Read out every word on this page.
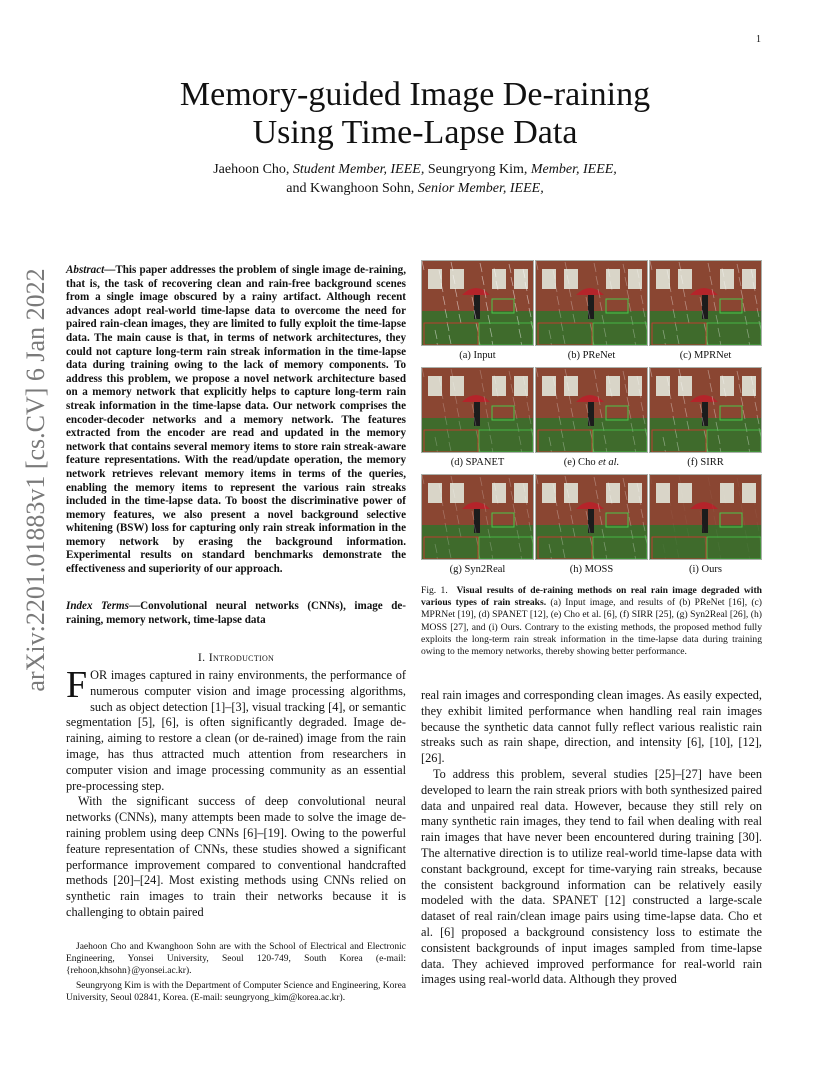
1
arXiv:2201.01883v1 [cs.CV] 6 Jan 2022
Memory-guided Image De-raining
Using Time-Lapse Data
Jaehoon Cho, Student Member, IEEE, Seungryong Kim, Member, IEEE,
and Kwanghoon Sohn, Senior Member, IEEE,
Abstract—This paper addresses the problem of single image de-raining, that is, the task of recovering clean and rain-free background scenes from a single image obscured by a rainy artifact. Although recent advances adopt real-world time-lapse data to overcome the need for paired rain-clean images, they are limited to fully exploit the time-lapse data. The main cause is that, in terms of network architectures, they could not capture long-term rain streak information in the time-lapse data during training owing to the lack of memory components. To address this problem, we propose a novel network architecture based on a memory network that explicitly helps to capture long-term rain streak information in the time-lapse data. Our network comprises the encoder-decoder networks and a memory network. The features extracted from the encoder are read and updated in the memory network that contains several memory items to store rain streak-aware feature representations. With the read/update operation, the memory network retrieves relevant memory items in terms of the queries, enabling the memory items to represent the various rain streaks included in the time-lapse data. To boost the discriminative power of memory features, we also present a novel background selective whitening (BSW) loss for capturing only rain streak information in the memory network by erasing the background information. Experimental results on standard benchmarks demonstrate the effectiveness and superiority of our approach.
Index Terms—Convolutional neural networks (CNNs), image de-raining, memory network, time-lapse data
I. Introduction

FOR images captured in rainy environments, the performance of numerous computer vision and image processing algorithms, such as object detection [1]–[3], visual tracking [4], or semantic segmentation [5], [6], is often significantly degraded. Image de-raining, aiming to restore a clean (or de-rained) image from the rain image, has thus attracted much attention from researchers in computer vision and image processing community as an essential pre-processing step.

With the significant success of deep convolutional neural networks (CNNs), many attempts been made to solve the image de-raining problem using deep CNNs [6]–[19]. Owing to the powerful feature representation of CNNs, these studies showed a significant performance improvement compared to conventional handcrafted methods [20]–[24]. Most existing methods using CNNs relied on synthetic rain images to train their networks because it is challenging to obtain paired

Jaehoon Cho and Kwanghoon Sohn are with the School of Electrical and Electronic Engineering, Yonsei University, Seoul 120-749, South Korea (e-mail: {rehoon,khsohn}@yonsei.ac.kr).

Seungryong Kim is with the Department of Computer Science and Engineering, Korea University, Seoul 02841, Korea. (E-mail: seungryong_kim@korea.ac.kr).

(a) Input	(b) PReNet	(c) MPRNet
(d) SPANET	(e) Cho et al.	(f) SIRR
(g) Syn2Real	(h) MOSS	(i) Ours
Fig. 1. Visual results of de-raining methods on real rain image degraded with various types of rain streaks. (a) Input image, and results of (b) PReNet [16], (c) MPRNet [19], (d) SPANET [12], (e) Cho et al. [6], (f) SIRR [25], (g) Syn2Real [26], (h) MOSS [27], and (i) Ours. Contrary to the existing methods, the proposed method fully exploits the long-term rain streak information in the time-lapse data during training owing to the memory networks, thereby showing better performance.

real rain images and corresponding clean images. As easily expected, they exhibit limited performance when handling real rain images because the synthetic data cannot fully reflect various realistic rain streaks such as rain shape, direction, and intensity [6], [10], [12], [26].

To address this problem, several studies [25]–[27] have been developed to learn the rain streak priors with both synthesized paired data and unpaired real data. However, because they still rely on many synthetic rain images, they tend to fail when dealing with real rain images that have never been encountered during training [30]. The alternative direction is to utilize real-world time-lapse data with constant background, except for time-varying rain streaks, because the consistent background information can be relatively easily modeled with the data. SPANET [12] constructed a large-scale dataset of real rain/clean image pairs using time-lapse data. Cho et al. [6] proposed a background consistency loss to estimate the consistent backgrounds of input images sampled from time-lapse data. They achieved improved performance for real-world rain images using real-world data. Although they proved
